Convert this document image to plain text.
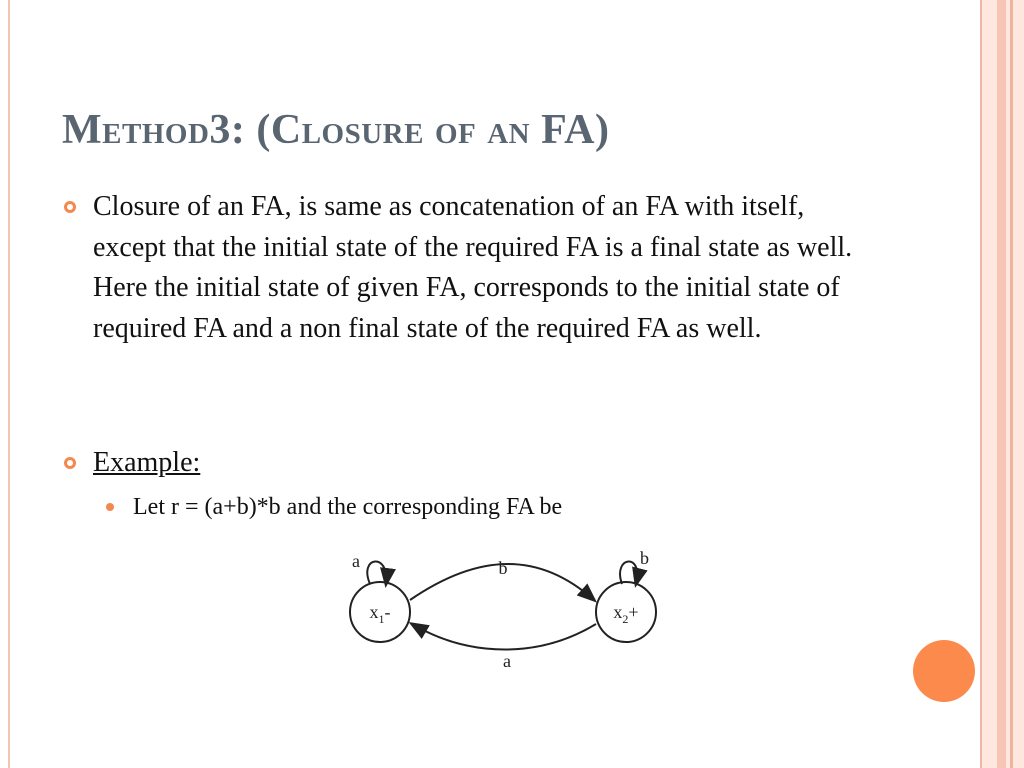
Method3: (Closure of an FA)
Closure of an FA, is same as concatenation of an FA with itself, except that the initial state of the required FA is a final state as well. Here the initial state of given FA, corresponds to the initial state of required FA and a non final state of the required FA as well.
Example:
Let r = (a+b)*b and the corresponding FA be
$x_1-$	$x_2+$
a	b	b
a
